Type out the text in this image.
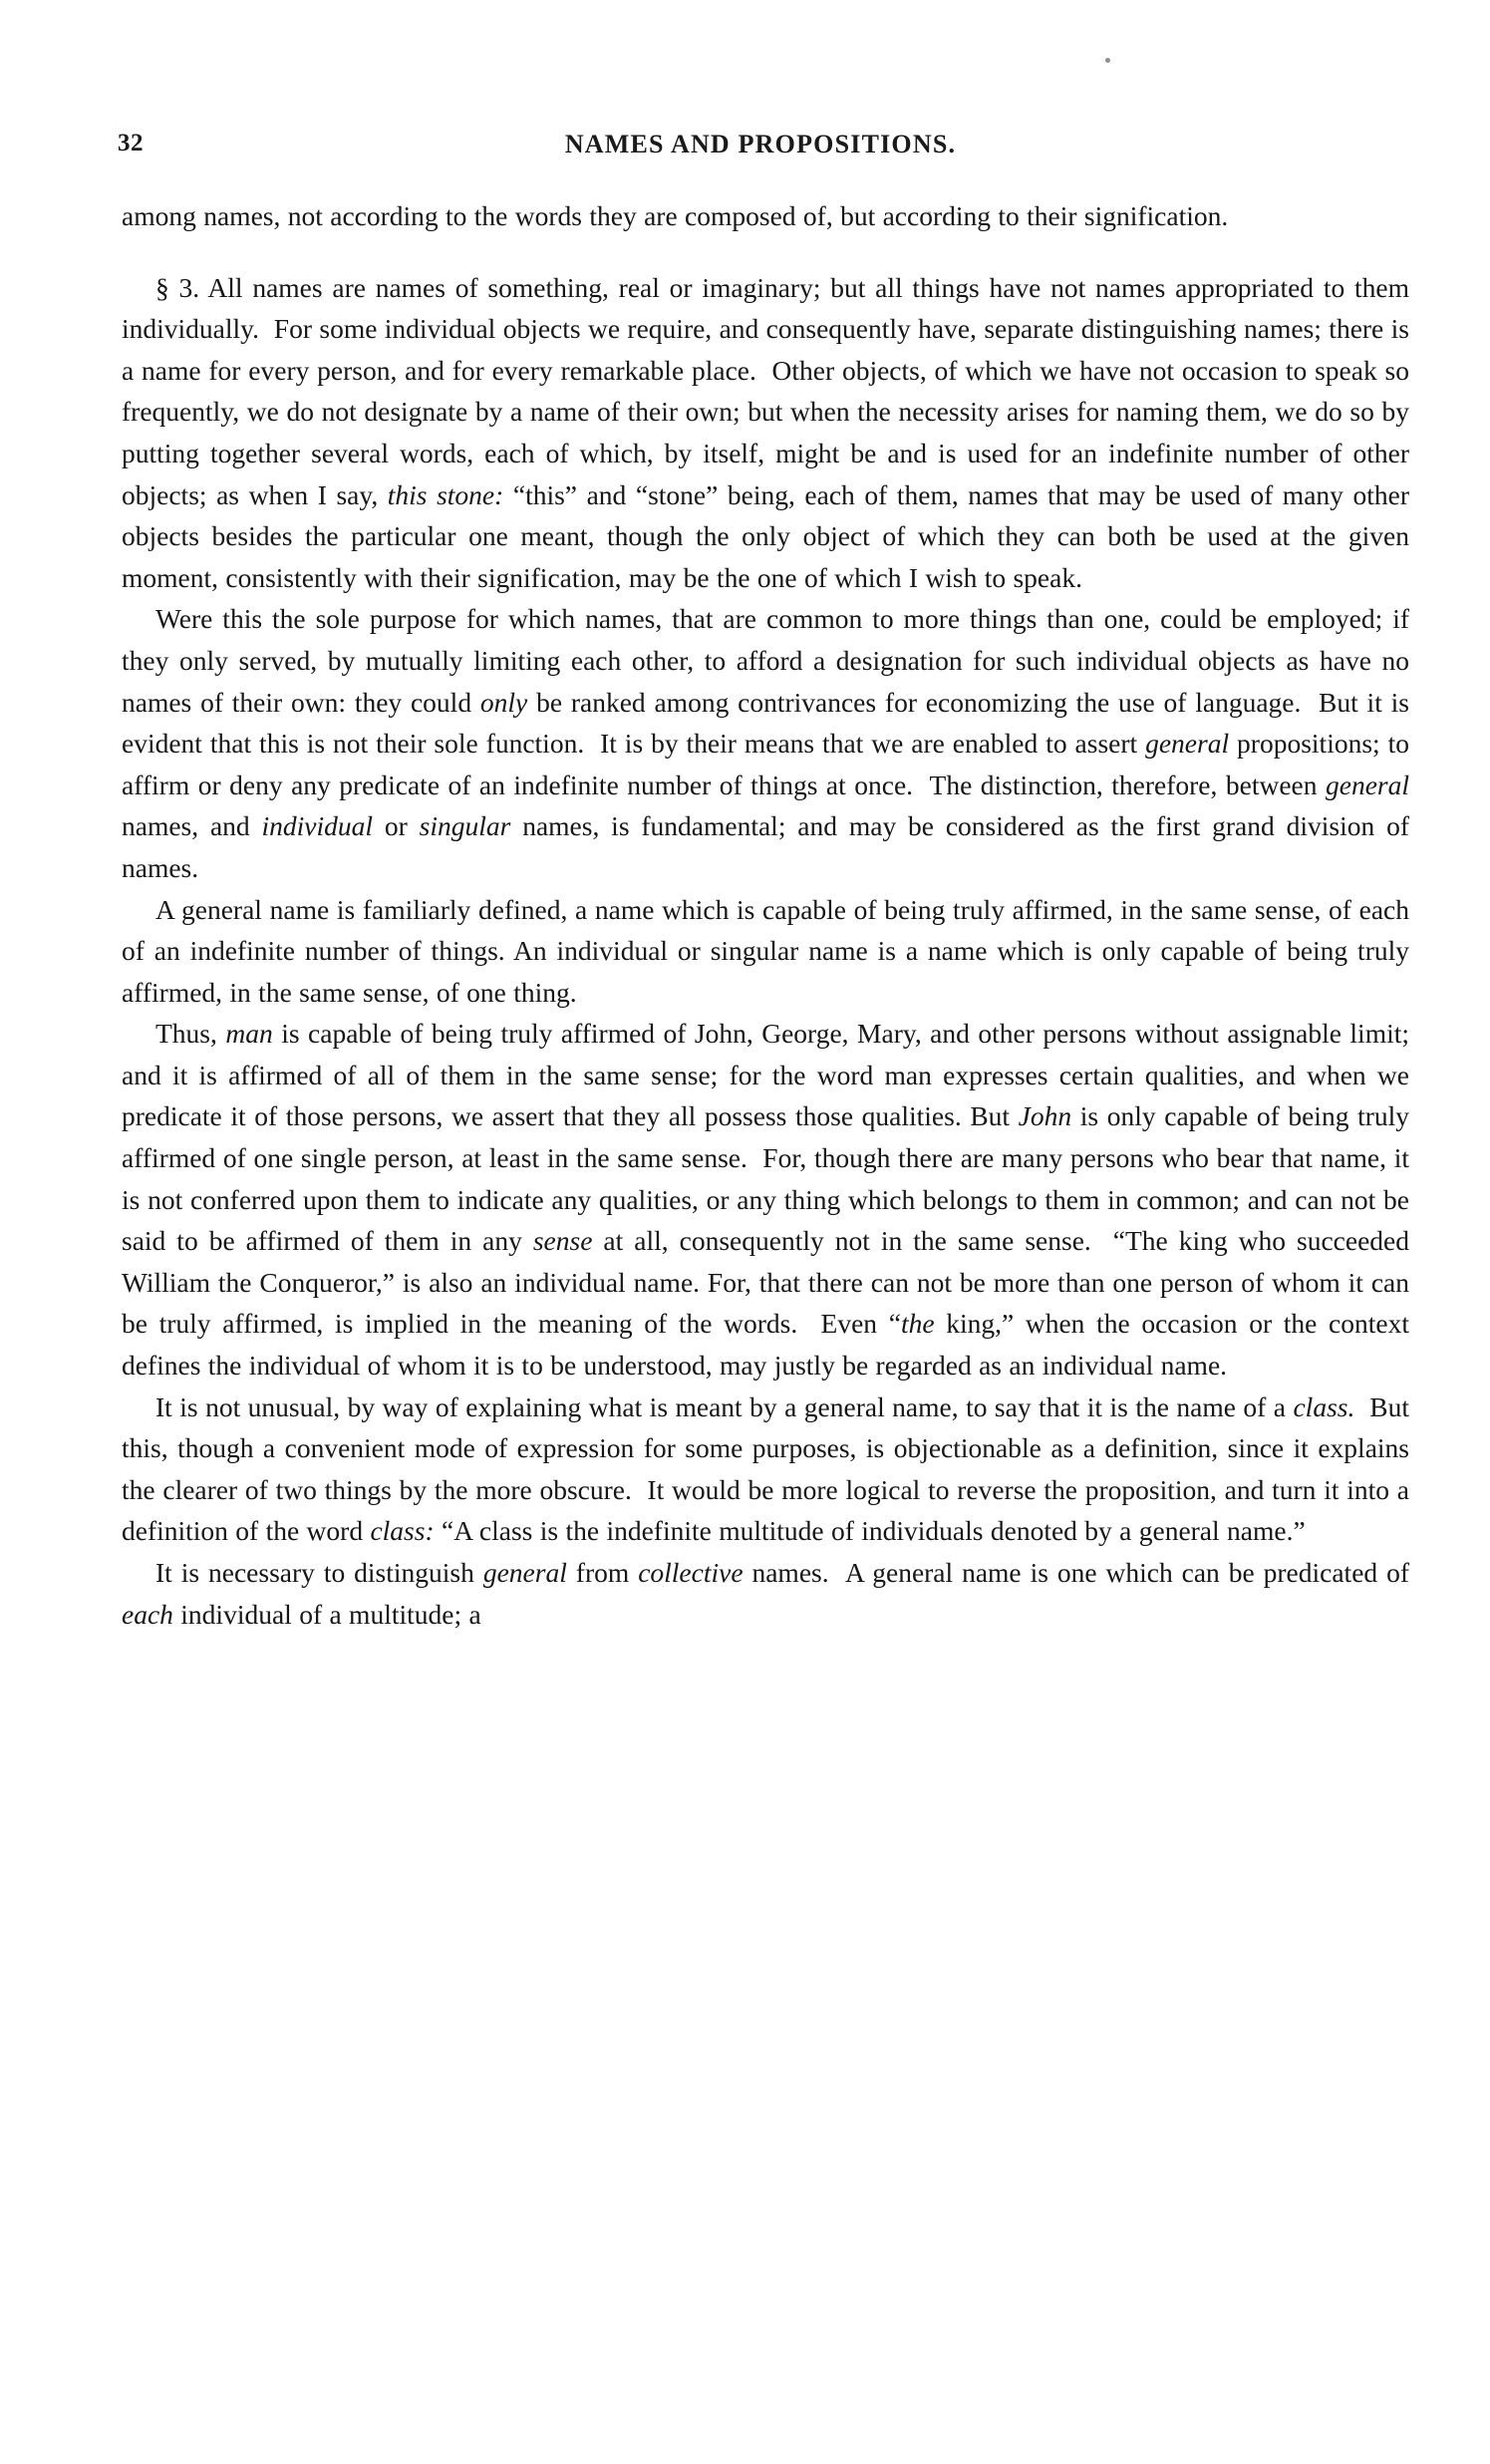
32	NAMES AND PROPOSITIONS.

among names, not according to the words they are composed of, but according to their signification.

§ 3. All names are names of something, real or imaginary; but all things have not names appropriated to them individually.  For some individual objects we require, and consequently have, separate distinguishing names; there is a name for every person, and for every remarkable place.  Other objects, of which we have not occasion to speak so frequently, we do not designate by a name of their own; but when the necessity arises for naming them, we do so by putting together several words, each of which, by itself, might be and is used for an indefinite number of other objects; as when I say, this stone: “this” and “stone” being, each of them, names that may be used of many other objects besides the particular one meant, though the only object of which they can both be used at the given moment, consistently with their signification, may be the one of which I wish to speak.

Were this the sole purpose for which names, that are common to more things than one, could be employed; if they only served, by mutually limiting each other, to afford a designation for such individual objects as have no names of their own: they could only be ranked among contrivances for economizing the use of language.  But it is evident that this is not their sole function.  It is by their means that we are enabled to assert general propositions; to affirm or deny any predicate of an indefinite number of things at once.  The distinction, therefore, between general names, and individual or singular names, is fundamental; and may be considered as the first grand division of names.

A general name is familiarly defined, a name which is capable of being truly affirmed, in the same sense, of each of an indefinite number of things. An individual or singular name is a name which is only capable of being truly affirmed, in the same sense, of one thing.

Thus, man is capable of being truly affirmed of John, George, Mary, and other persons without assignable limit; and it is affirmed of all of them in the same sense; for the word man expresses certain qualities, and when we predicate it of those persons, we assert that they all possess those qualities. But John is only capable of being truly affirmed of one single person, at least in the same sense.  For, though there are many persons who bear that name, it is not conferred upon them to indicate any qualities, or any thing which belongs to them in common; and can not be said to be affirmed of them in any sense at all, consequently not in the same sense.  “The king who succeeded William the Conqueror,” is also an individual name. For, that there can not be more than one person of whom it can be truly affirmed, is implied in the meaning of the words.  Even “the king,” when the occasion or the context defines the individual of whom it is to be understood, may justly be regarded as an individual name.

It is not unusual, by way of explaining what is meant by a general name, to say that it is the name of a class.  But this, though a convenient mode of expression for some purposes, is objectionable as a definition, since it explains the clearer of two things by the more obscure.  It would be more logical to reverse the proposition, and turn it into a definition of the word class: “A class is the indefinite multitude of individuals denoted by a general name.”

It is necessary to distinguish general from collective names.  A general name is one which can be predicated of each individual of a multitude; a
